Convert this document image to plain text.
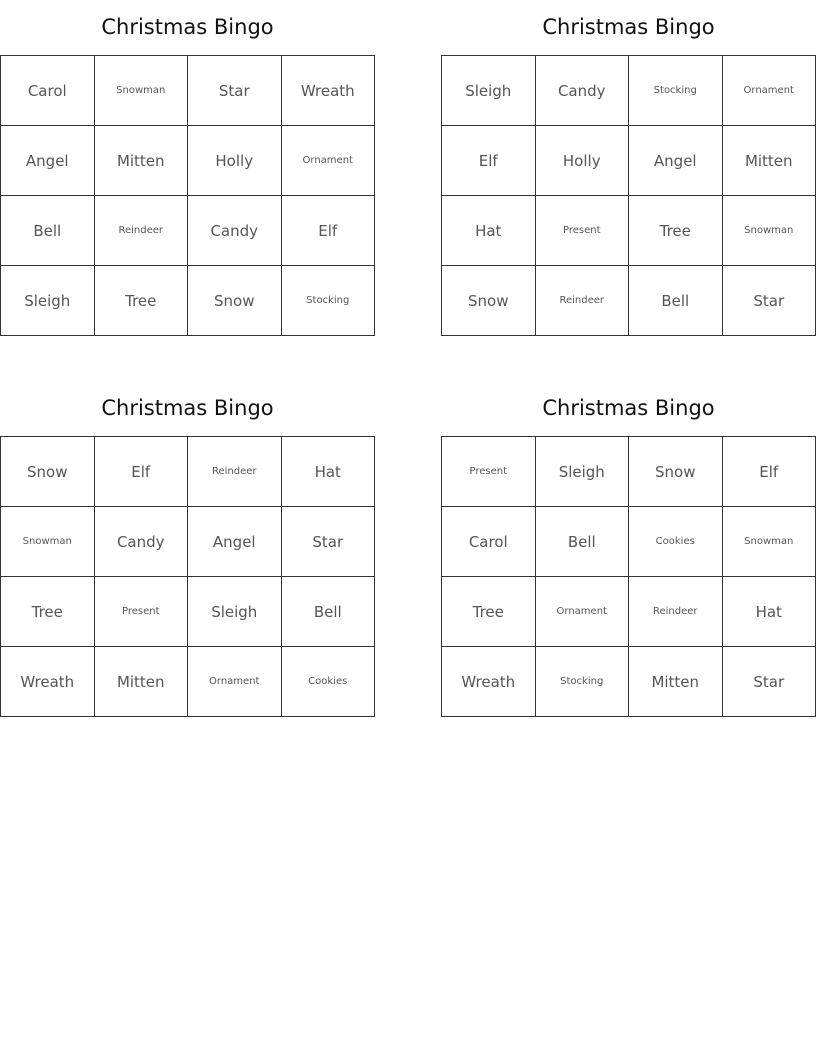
Christmas Bingo
Carol	Snowman	Star	Wreath
Angel	Mitten	Holly	Ornament
Bell	Reindeer	Candy	Elf
Sleigh	Tree	Snow	Stocking
Christmas Bingo
Sleigh	Candy	Stocking	Ornament
Elf	Holly	Angel	Mitten
Hat	Present	Tree	Snowman
Snow	Reindeer	Bell	Star
Christmas Bingo
Snow	Elf	Reindeer	Hat
Snowman	Candy	Angel	Star
Tree	Present	Sleigh	Bell
Wreath	Mitten	Ornament	Cookies
Christmas Bingo
Present	Sleigh	Snow	Elf
Carol	Bell	Cookies	Snowman
Tree	Ornament	Reindeer	Hat
Wreath	Stocking	Mitten	Star
